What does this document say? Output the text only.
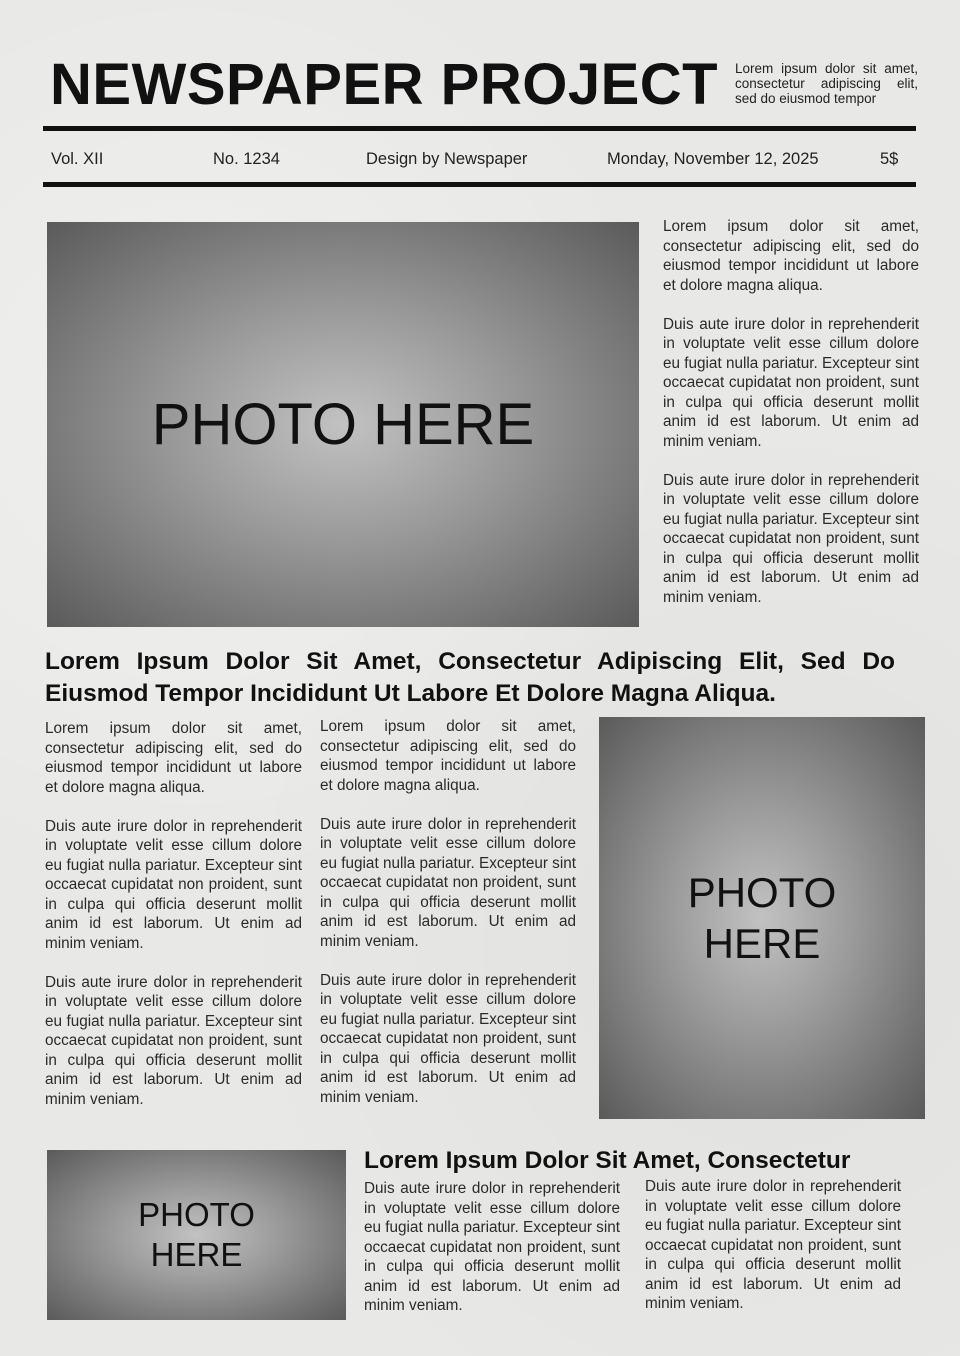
NEWSPAPER PROJECT Lorem ipsum dolor sit amet, consectetur adipiscing elit, sed do eiusmod tempor
Vol. XII	No. 1234	Design by Newspaper	Monday, November 12, 2025	5$
PHOTO HERE

Lorem ipsum dolor sit amet, consectetur adipiscing elit, sed do eiusmod tempor incididunt ut labore et dolore magna aliqua.

Duis aute irure dolor in reprehenderit in voluptate velit esse cillum dolore eu fugiat nulla pariatur. Excepteur sint occaecat cupidatat non proident, sunt in culpa qui officia deserunt mollit anim id est laborum. Ut enim ad minim veniam.

Duis aute irure dolor in reprehenderit in voluptate velit esse cillum dolore eu fugiat nulla pariatur. Excepteur sint occaecat cupidatat non proident, sunt in culpa qui officia deserunt mollit anim id est laborum. Ut enim ad minim veniam.

Lorem Ipsum Dolor Sit Amet, Consectetur Adipiscing Elit, Sed Do Eiusmod Tempor Incididunt Ut Labore Et Dolore Magna Aliqua.

Lorem ipsum dolor sit amet, consectetur adipiscing elit, sed do eiusmod tempor incididunt ut labore et dolore magna aliqua.

Duis aute irure dolor in reprehenderit in voluptate velit esse cillum dolore eu fugiat nulla pariatur. Excepteur sint occaecat cupidatat non proident, sunt in culpa qui officia deserunt mollit anim id est laborum. Ut enim ad minim veniam.

Duis aute irure dolor in reprehenderit in voluptate velit esse cillum dolore eu fugiat nulla pariatur. Excepteur sint occaecat cupidatat non proident, sunt in culpa qui officia deserunt mollit anim id est laborum. Ut enim ad minim veniam.

Lorem ipsum dolor sit amet, consectetur adipiscing elit, sed do eiusmod tempor incididunt ut labore et dolore magna aliqua.

Duis aute irure dolor in reprehenderit in voluptate velit esse cillum dolore eu fugiat nulla pariatur. Excepteur sint occaecat cupidatat non proident, sunt in culpa qui officia deserunt mollit anim id est laborum. Ut enim ad minim veniam.

Duis aute irure dolor in reprehenderit in voluptate velit esse cillum dolore eu fugiat nulla pariatur. Excepteur sint occaecat cupidatat non proident, sunt in culpa qui officia deserunt mollit anim id est laborum. Ut enim ad minim veniam.

PHOTO
HERE
PHOTO
HERE
Lorem Ipsum Dolor Sit Amet, Consectetur

Duis aute irure dolor in reprehenderit in voluptate velit esse cillum dolore eu fugiat nulla pariatur. Excepteur sint occaecat cupidatat non proident, sunt in culpa qui officia deserunt mollit anim id est laborum. Ut enim ad minim veniam.

Duis aute irure dolor in reprehenderit in voluptate velit esse cillum dolore eu fugiat nulla pariatur. Excepteur sint occaecat cupidatat non proident, sunt in culpa qui officia deserunt mollit anim id est laborum. Ut enim ad minim veniam.
